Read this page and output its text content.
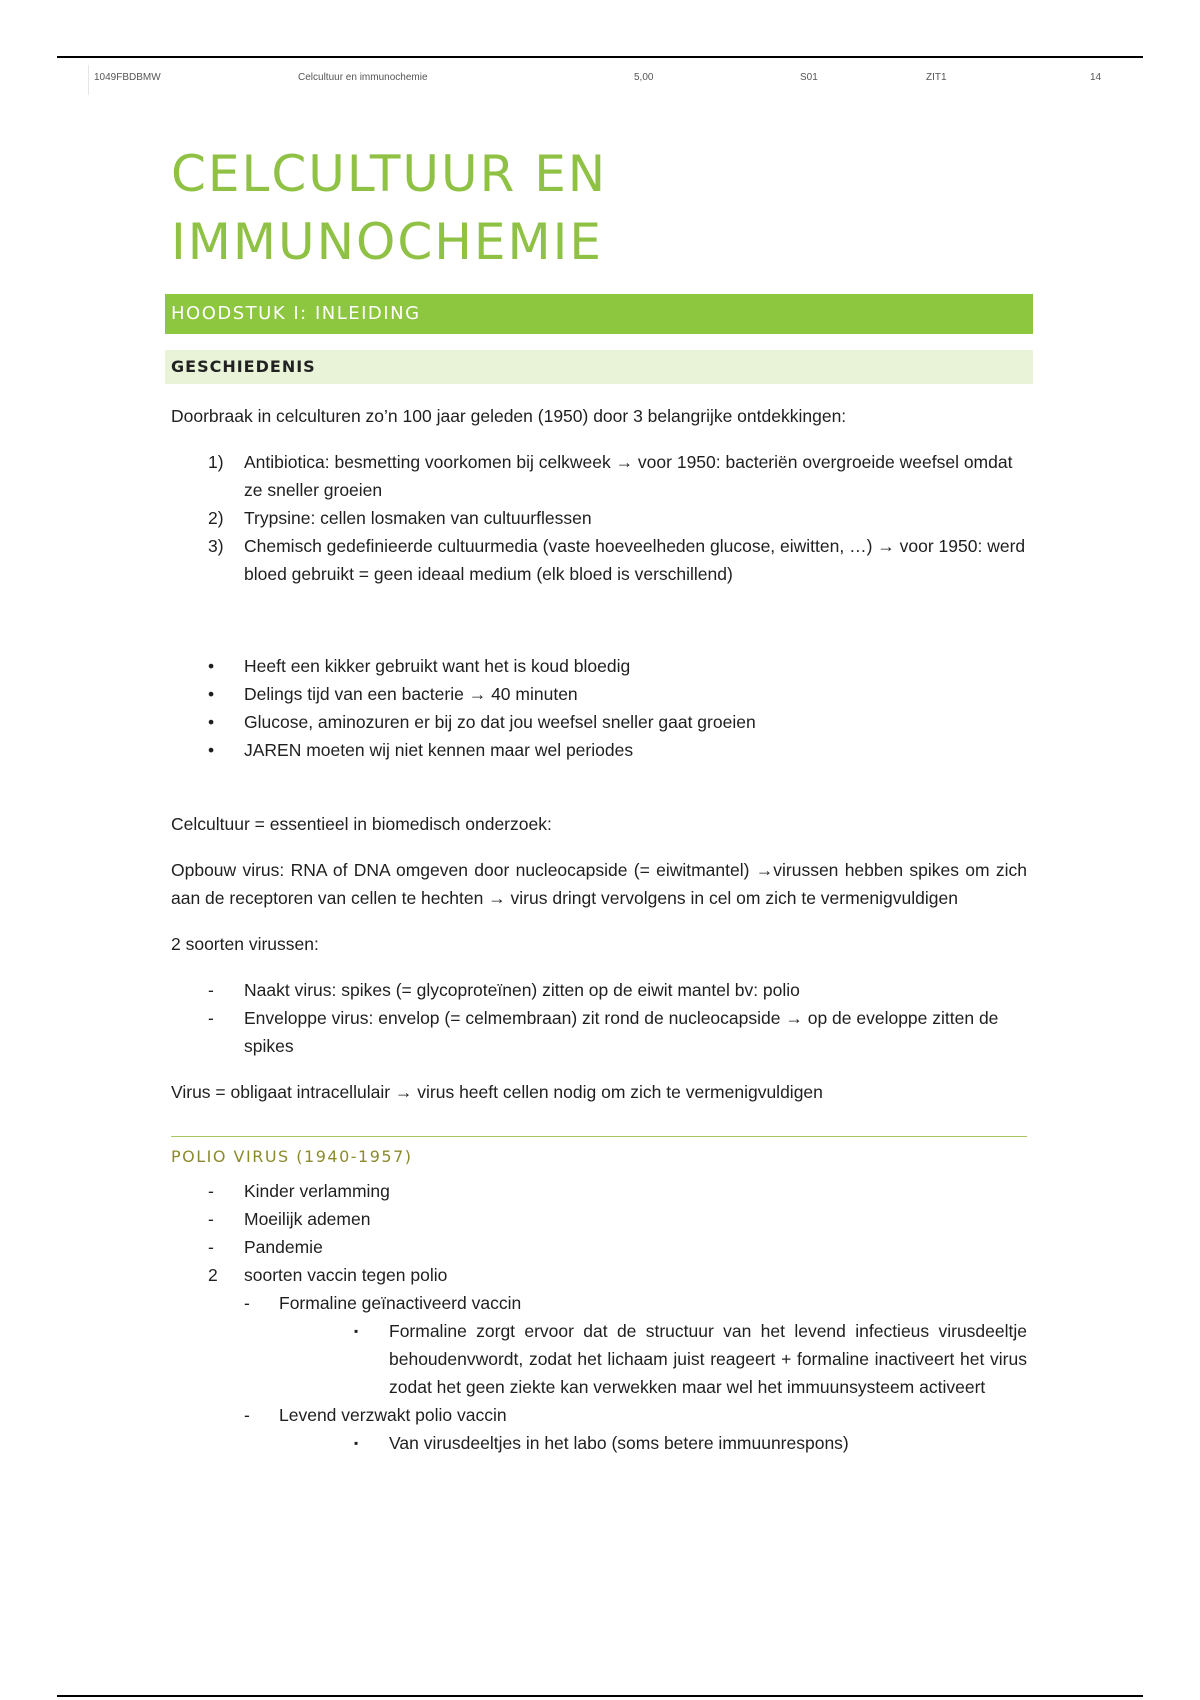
1049FBDBMW	Celcultuur en immunochemie	5,00	S01	ZIT1	14
CELCULTUUR EN
IMMUNOCHEMIE
HOODSTUK I: INLEIDING
GESCHIEDENIS

Doorbraak in celculturen zo’n 100 jaar geleden (1950) door 3 belangrijke ontdekkingen:

1) Antibiotica: besmetting voorkomen bij celkweek → voor 1950: bacteriën overgroeide weefsel omdat ze sneller groeien
2) Trypsine: cellen losmaken van cultuurflessen
3) Chemisch gedefinieerde cultuurmedia (vaste hoeveelheden glucose, eiwitten, …) → voor 1950: werd bloed gebruikt = geen ideaal medium (elk bloed is verschillend)
• Heeft een kikker gebruikt want het is koud bloedig
• Delings tijd van een bacterie → 40 minuten
• Glucose, aminozuren er bij zo dat jou weefsel sneller gaat groeien
• JAREN moeten wij niet kennen maar wel periodes

Celcultuur = essentieel in biomedisch onderzoek:

Opbouw virus: RNA of DNA omgeven door nucleocapside (= eiwitmantel) →virussen hebben spikes om zich aan de receptoren van cellen te hechten → virus dringt vervolgens in cel om zich te vermenigvuldigen

2 soorten virussen:

- Naakt virus: spikes (= glycoproteïnen) zitten op de eiwit mantel bv: polio
- Enveloppe virus: envelop (= celmembraan) zit rond de nucleocapside → op de eveloppe zitten de spikes

Virus = obligaat intracellulair → virus heeft cellen nodig om zich te vermenigvuldigen

POLIO VIRUS (1940-1957)
- Kinder verlamming
- Moeilijk ademen
- Pandemie
2 soorten vaccin tegen polio
- Formaline geïnactiveerd vaccin
▪ Formaline zorgt ervoor dat de structuur van het levend infectieus virusdeeltje behoudenvwordt, zodat het lichaam juist reageert + formaline inactiveert het virus zodat het geen ziekte kan verwekken maar wel het immuunsysteem activeert
- Levend verzwakt polio vaccin
▪ Van virusdeeltjes in het labo (soms betere immuunrespons)
